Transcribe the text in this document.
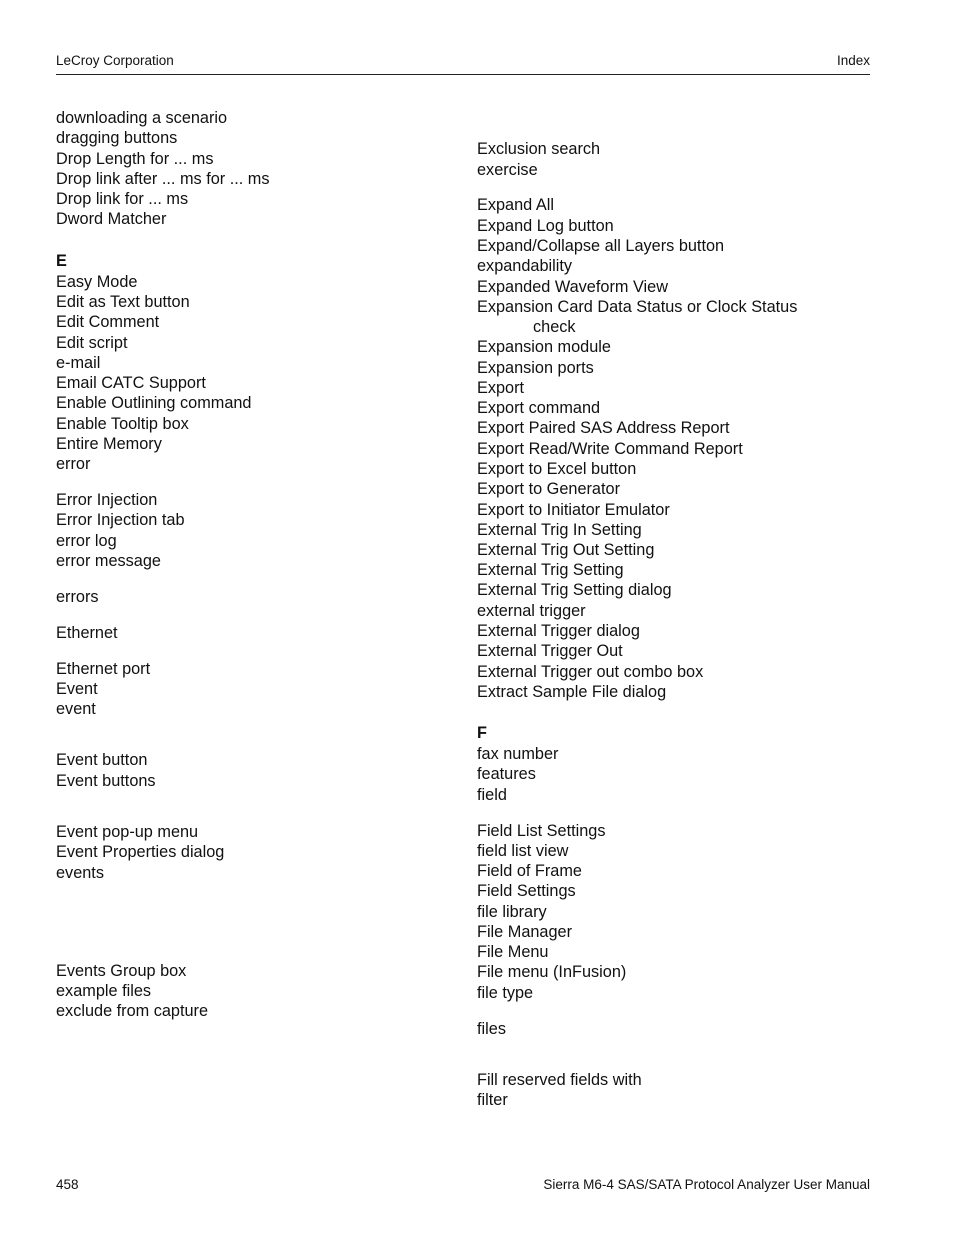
LeCroy Corporation	Index
downloading a scenario
dragging buttons
Drop Length for ... ms
Drop link after ... ms for ... ms
Drop link for ... ms
Dword Matcher
E
Easy Mode
Edit as Text button
Edit Comment
Edit script
e-mail
Email CATC Support
Enable Outlining command
Enable Tooltip box
Entire Memory
error
Error Injection
Error Injection tab
error log
error message
errors
Ethernet
Ethernet port
Event
event
Event button
Event buttons
Event pop-up menu
Event Properties dialog
events
Events Group box
example files
exclude from capture
Exclusion search
exercise
Expand All
Expand Log button
Expand/Collapse all Layers button
expandability
Expanded Waveform View
Expansion Card Data Status or Clock Status
check
Expansion module
Expansion ports
Export
Export command
Export Paired SAS Address Report
Export Read/Write Command Report
Export to Excel button
Export to Generator
Export to Initiator Emulator
External Trig In Setting
External Trig Out Setting
External Trig Setting
External Trig Setting dialog
external trigger
External Trigger dialog
External Trigger Out
External Trigger out combo box
Extract Sample File dialog
F
fax number
features
field
Field List Settings
field list view
Field of Frame
Field Settings
file library
File Manager
File Menu
File menu (InFusion)
file type
files
Fill reserved fields with
filter
458	Sierra M6-4 SAS/SATA Protocol Analyzer User Manual
